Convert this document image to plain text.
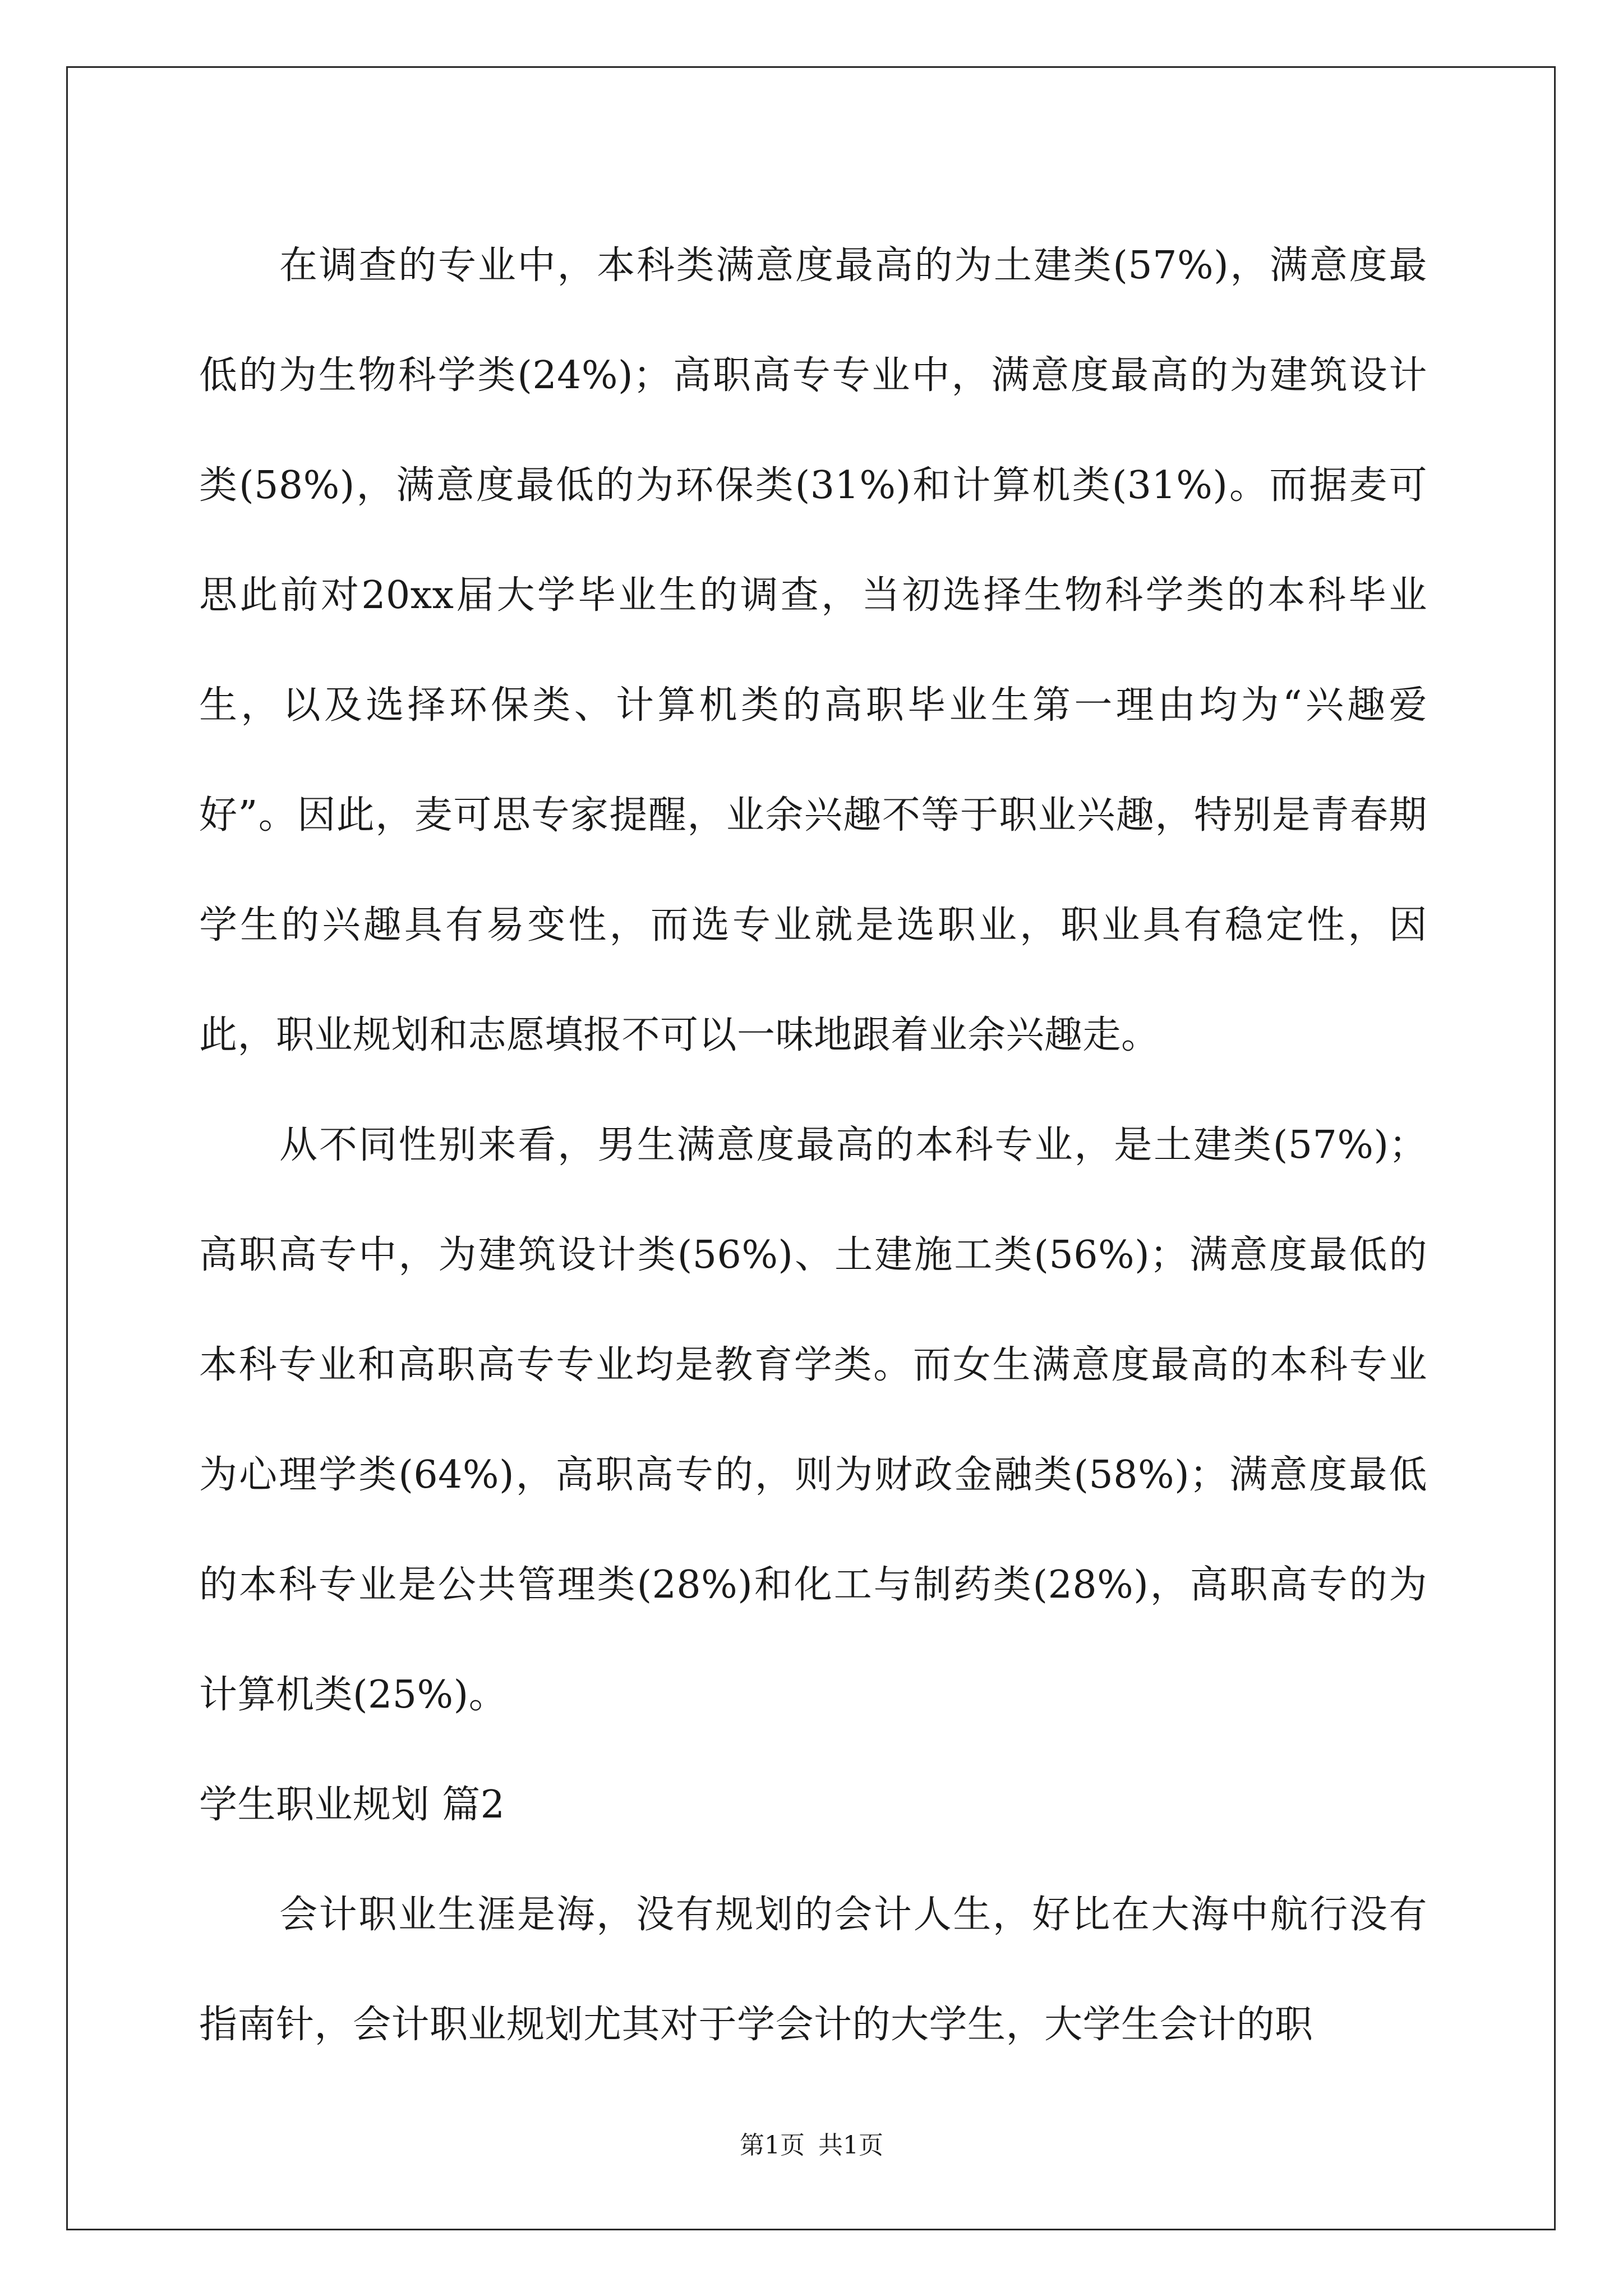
在调查的专业中，本科类满意度最高的为土建类(57%)，满意度最低的为生物科学类(24%)；高职高专专业中，满意度最高的为建筑设计类(58%)，满意度最低的为环保类(31%)和计算机类(31%)。而据麦可思此前对20xx届大学毕业生的调查，当初选择生物科学类的本科毕业生，以及选择环保类、计算机类的高职毕业生第一理由均为“兴趣爱好”。因此，麦可思专家提醒，业余兴趣不等于职业兴趣，特别是青春期学生的兴趣具有易变性，而选专业就是选职业，职业具有稳定性，因此，职业规划和志愿填报不可以一味地跟着业余兴趣走。

从不同性别来看，男生满意度最高的本科专业，是土建类(57%)；高职高专中，为建筑设计类(56%)、土建施工类(56%)；满意度最低的本科专业和高职高专专业均是教育学类。而女生满意度最高的本科专业为心理学类(64%)，高职高专的，则为财政金融类(58%)；满意度最低的本科专业是公共管理类(28%)和化工与制药类(28%)，高职高专的为计算机类(25%)。

学生职业规划 篇2

会计职业生涯是海，没有规划的会计人生，好比在大海中航行没有指南针，会计职业规划尤其对于学会计的大学生，大学生会计的职

第1页 共1页
